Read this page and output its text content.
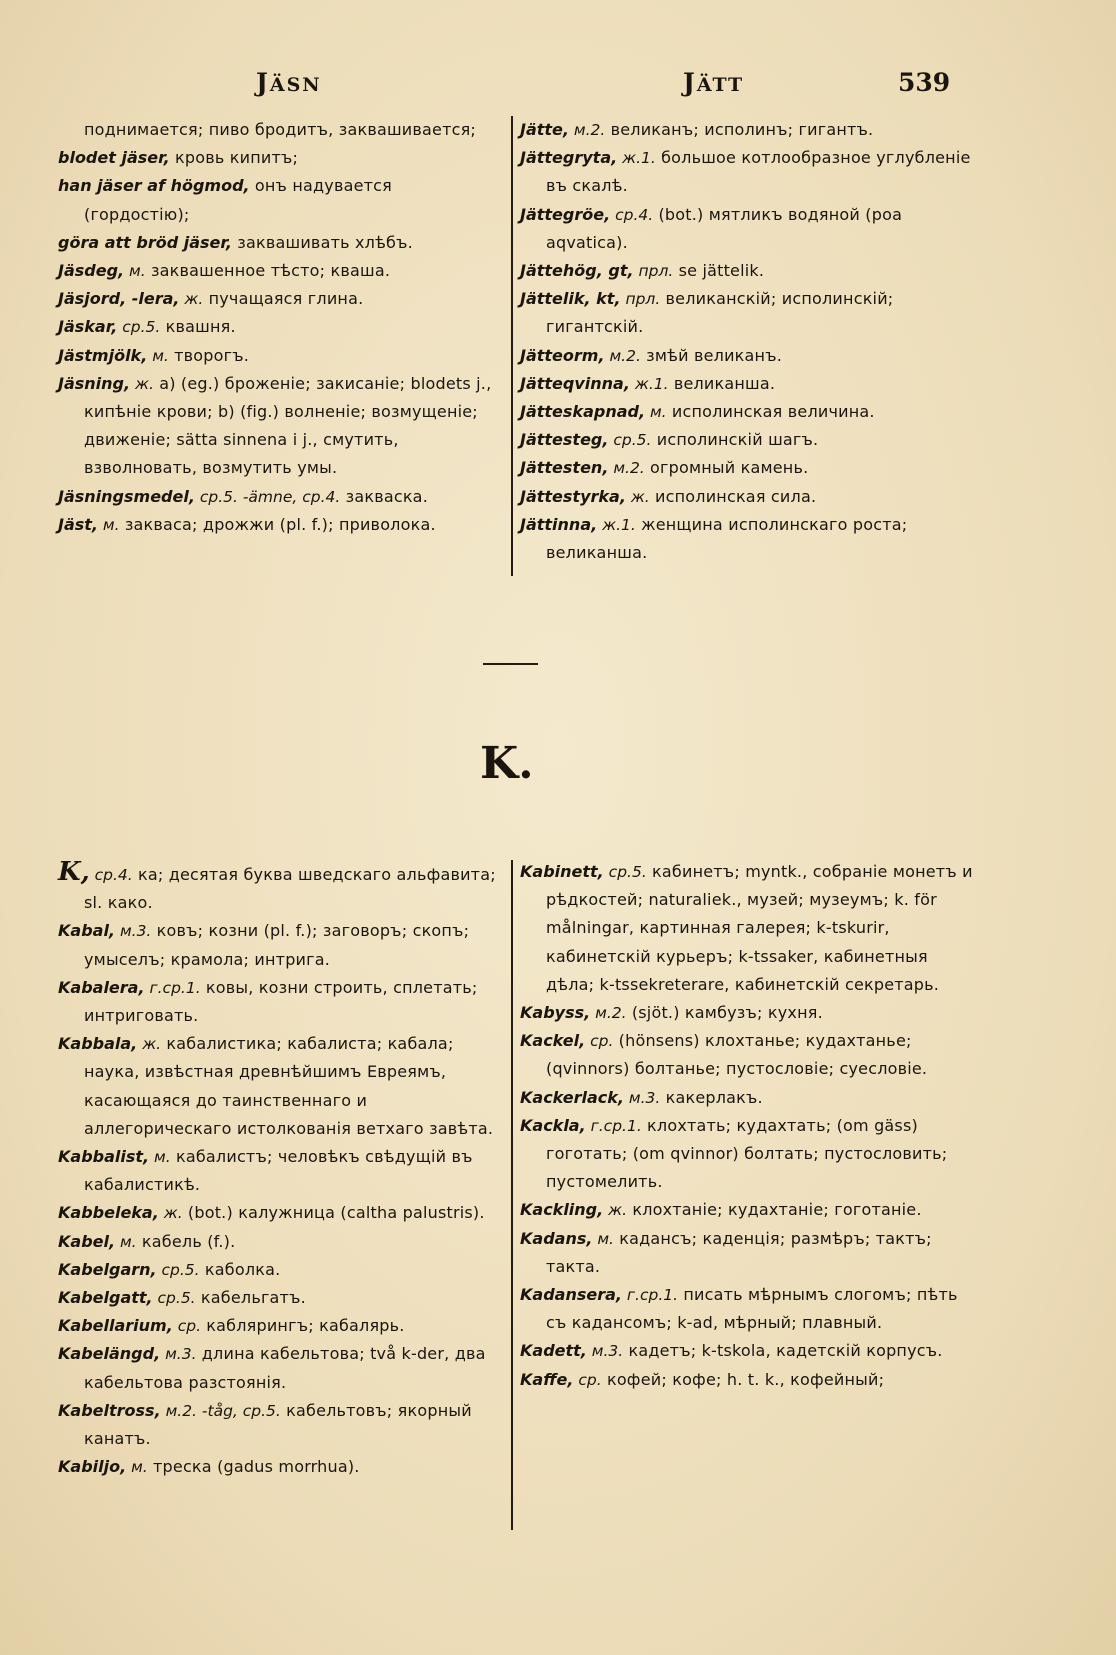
JÄSN	JÄTT	539

поднимается; пиво бродитъ, заквашивается;

blodet jäser, кровь кипитъ;

han jäser af högmod, онъ надувается (гордостію);

göra att bröd jäser, заквашивать хлѣбъ.

Jäsdeg, м. заквашенное тѣсто; кваша.

Jäsjord, -lera, ж. пучащаяся глина.

Jäskar, ср.5. квашня.

Jästmjölk, м. творогъ.

Jäsning, ж. a) (eg.) броженіе; закисаніе; blodets j., кипѣніе крови; b) (fig.) волненіе; возмущеніе; движеніе; sätta sinnena i j., смутить, взволновать, возмутить умы.

Jäsningsmedel, ср.5. -ämne, ср.4. закваска.

Jäst, м. закваса; дрожжи (pl. f.); приволока.

Jätte, м.2. великанъ; исполинъ; гигантъ.

Jättegryta, ж.1. большое котлообразное углубленіе въ скалѣ.

Jättegröe, ср.4. (bot.) мятликъ водяной (poa aqvatica).

Jättehög, gt, прл. se jättelik.

Jättelik, kt, прл. великанскій; исполинскій; гигантскій.

Jätteorm, м.2. змѣй великанъ.

Jätteqvinna, ж.1. великанша.

Jätteskapnad, м. исполинская величина.

Jättesteg, ср.5. исполинскій шагъ.

Jättesten, м.2. огромный камень.

Jättestyrka, ж. исполинская сила.

Jättinna, ж.1. женщина исполинскаго роста; великанша.

K.

K, ср.4. ка; десятая буква шведскаго альфавита; sl. како.

Kabal, м.3. ковъ; козни (pl. f.); заговоръ; скопъ; умыселъ; крамола; интрига.

Kabalera, г.ср.1. ковы, козни строить, сплетать; интриговать.

Kabbala, ж. кабалистика; кабалиста; кабала; наука, извѣстная древнѣйшимъ Евреямъ, касающаяся до таинственнаго и аллегорическаго истолкованія ветхаго завѣта.

Kabbalist, м. кабалистъ; человѣкъ свѣдущій въ кабалистикѣ.

Kabbeleka, ж. (bot.) калужница (caltha palustris).

Kabel, м. кабель (f.).

Kabelgarn, ср.5. каболка.

Kabelgatt, ср.5. кабельгатъ.

Kabellarium, ср. каблярингъ; кабалярь.

Kabelängd, м.3. длина кабельтова; två k-der, два кабельтова разстоянія.

Kabeltross, м.2. -tåg, ср.5. кабельтовъ; якорный канатъ.

Kabiljo, м. треска (gadus morrhua).

Kabinett, ср.5. кабинетъ; myntk., собраніе монетъ и рѣдкостей; naturaliek., музей; музеумъ; k. för målningar, картинная галерея; k-tskurir, кабинетскій курьеръ; k-tssaker, кабинетныя дѣла; k-tssekreterare, кабинетскій секретарь.

Kabyss, м.2. (sjöt.) камбузъ; кухня.

Kackel, ср. (hönsens) клохтанье; кудахтанье; (qvinnors) болтанье; пустословіе; суесловіе.

Kackerlack, м.3. какерлакъ.

Kackla, г.ср.1. клохтать; кудахтать; (om gäss) гоготать; (om qvinnor) болтать; пустословить; пустомелить.

Kackling, ж. клохтаніе; кудахтаніе; гоготаніе.

Kadans, м. кадансъ; каденція; размѣръ; тактъ; такта.

Kadansera, г.ср.1. писать мѣрнымъ слогомъ; пѣть съ кадансомъ; k-ad, мѣрный; плавный.

Kadett, м.3. кадетъ; k-tskola, кадетскій корпусъ.

Kaffe, ср. кофей; кофе; h. t. k., кофейный;
